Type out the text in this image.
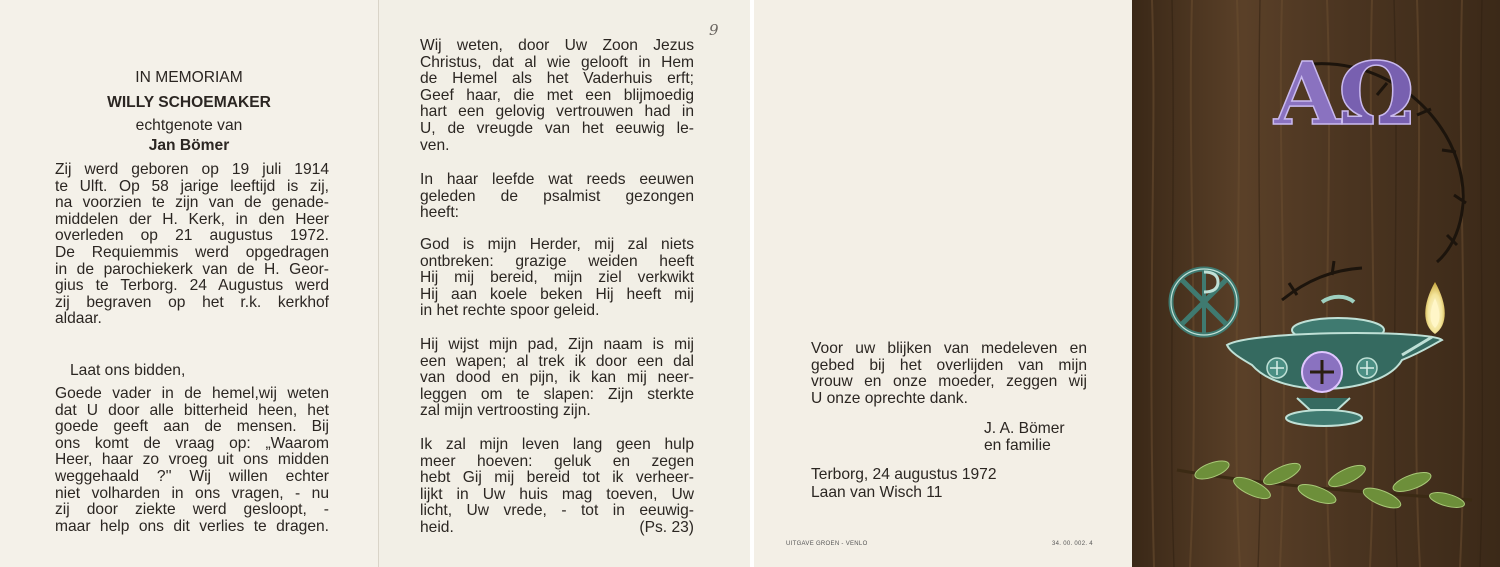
IN MEMORIAM
WILLY SCHOEMAKER
echtgenote van
Jan Bömer
Zij werd geboren op 19 juli 1914
te Ulft. Op 58 jarige leeftijd is zij,
na voorzien te zijn van de genade-
middelen der H. Kerk, in den Heer
overleden op 21 augustus 1972.
De Requiemmis werd opgedragen
in de parochiekerk van de H. Geor-
gius te Terborg. 24 Augustus werd
zij begraven op het r.k. kerkhof
aldaar.
Laat ons bidden,
Goede vader in de hemel,wij weten
dat U door alle bitterheid heen, het
goede geeft aan de mensen. Bij
ons komt de vraag op: „Waarom
Heer, haar zo vroeg uit ons midden
weggehaald ?'' Wij willen echter
niet volharden in ons vragen, - nu
zij door ziekte werd gesloopt, -
maar help ons dit verlies te dragen.
9
Wij weten, door Uw Zoon Jezus
Christus, dat al wie gelooft in Hem
de Hemel als het Vaderhuis erft;
Geef haar, die met een blijmoedig
hart een gelovig vertrouwen had in
U, de vreugde van het eeuwig le-
ven.
In haar leefde wat reeds eeuwen
geleden de psalmist gezongen
heeft:
God is mijn Herder, mij zal niets
ontbreken: grazige weiden heeft
Hij mij bereid, mijn ziel verkwikt
Hij aan koele beken Hij heeft mij
in het rechte spoor geleid.
Hij wijst mijn pad, Zijn naam is mij
een wapen; al trek ik door een dal
van dood en pijn, ik kan mij neer-
leggen om te slapen: Zijn sterkte
zal mijn vertroosting zijn.
Ik zal mijn leven lang geen hulp
meer hoeven: geluk en zegen
hebt Gij mij bereid tot ik verheer-
lijkt in Uw huis mag toeven, Uw
licht, Uw vrede, - tot in eeuwig-
heid.	(Ps. 23)
Voor uw blijken van medeleven en
gebed bij het overlijden van mijn
vrouw en onze moeder, zeggen wij
U onze oprechte dank.
J. A. Bömer
en familie
Terborg, 24 augustus 1972
Laan van Wisch 11
UITGAVE GROEN - VENLO	34. 00. 002. 4
A
Ω
